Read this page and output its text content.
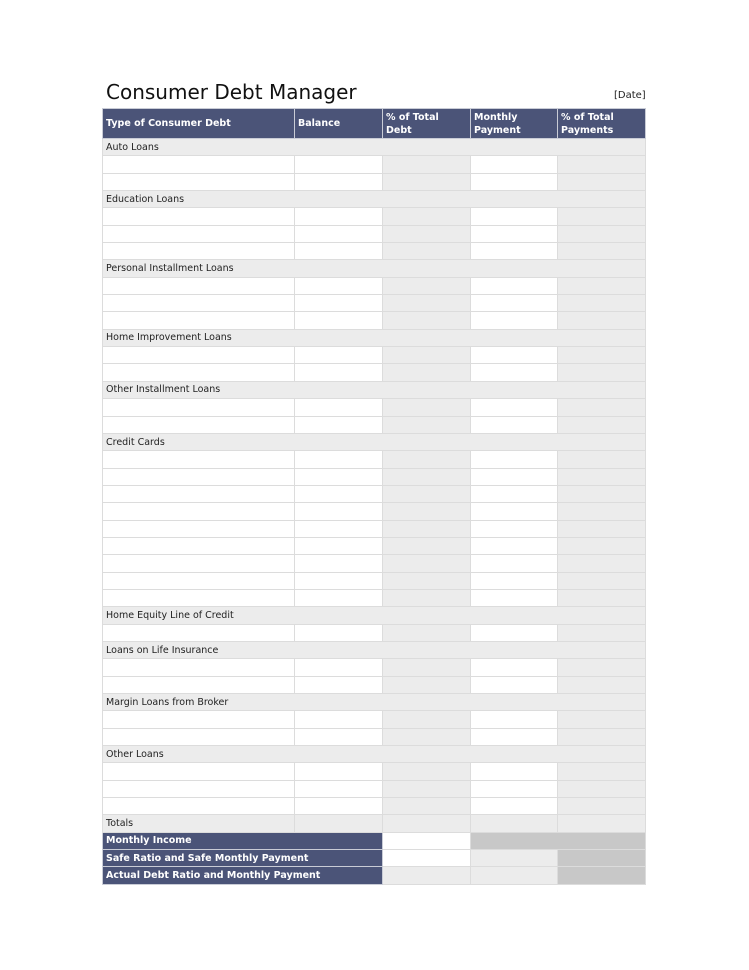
Consumer Debt Manager	[Date]
Type of Consumer Debt	Balance	% of Total Debt	Monthly Payment	% of Total Payments
Auto Loans				

Education Loans				

Personal Installment Loans				

Home Improvement Loans				

Other Installment Loans				

Credit Cards				

Home Equity Line of Credit				

Loans on Life Insurance				

Margin Loans from Broker				

Other Loans				

Totals				
Monthly Income				
Safe Ratio and Safe Monthly Payment				
Actual Debt Ratio and Monthly Payment				
